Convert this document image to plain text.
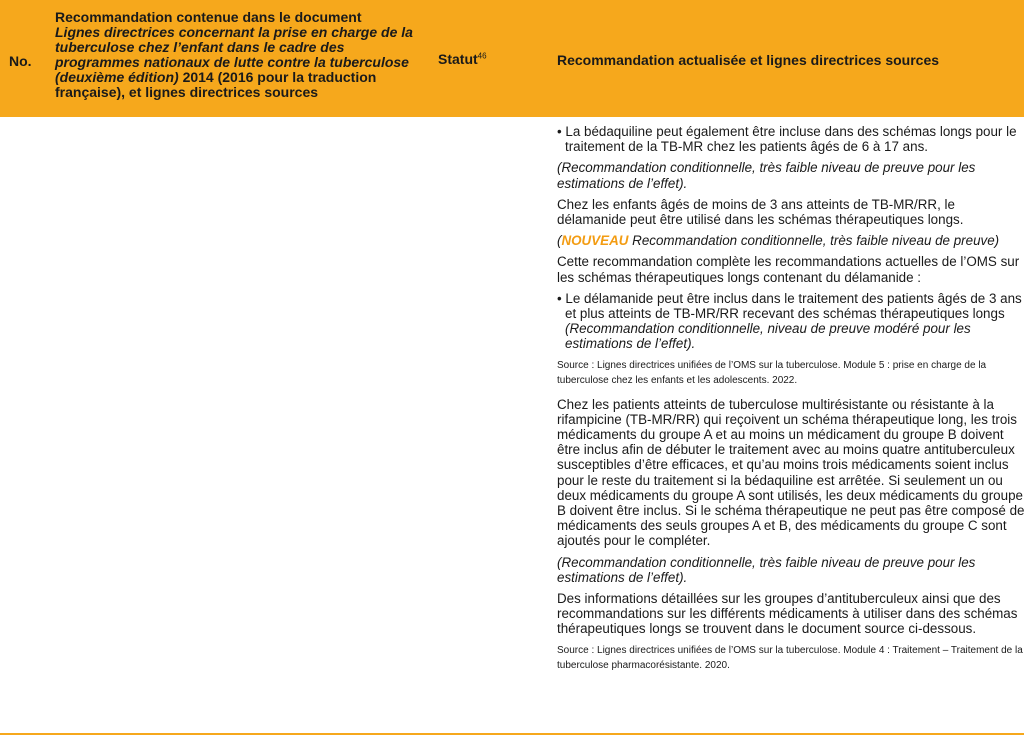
No.
Recommandation contenue dans le document
Lignes directrices concernant la prise en charge de la tuberculose chez l’enfant dans le cadre des programmes nationaux de lutte contre la tuberculose (deuxième édition) 2014 (2016 pour la traduction française), et lignes directrices sources
Statut$^{46}$	Recommandation actualisée et lignes directrices sources

• La bédaquiline peut également être incluse dans des schémas longs pour le traitement de la TB-MR chez les patients âgés de 6 à 17 ans.

(Recommandation conditionnelle, très faible niveau de preuve pour les estimations de l’effet).

Chez les enfants âgés de moins de 3 ans atteints de TB-MR/RR, le délamanide peut être utilisé dans les schémas thérapeutiques longs.

(NOUVEAU Recommandation conditionnelle, très faible niveau de preuve)

Cette recommandation complète les recommandations actuelles de l’OMS sur les schémas thérapeutiques longs contenant du délamanide :

• Le délamanide peut être inclus dans le traitement des patients âgés de 3 ans et plus atteints de TB-MR/RR recevant des schémas thérapeutiques longs (Recommandation conditionnelle, niveau de preuve modéré pour les estimations de l’effet).

Source : Lignes directrices unifiées de l’OMS sur la tuberculose. Module 5 : prise en charge de la tuberculose chez les enfants et les adolescents. 2022.

Chez les patients atteints de tuberculose multirésistante ou résistante à la rifampicine (TB-MR/RR) qui reçoivent un schéma thérapeutique long, les trois médicaments du groupe A et au moins un médicament du groupe B doivent être inclus afin de débuter le traitement avec au moins quatre antituberculeux susceptibles d’être efficaces, et qu’au moins trois médicaments soient inclus pour le reste du traitement si la bédaquiline est arrêtée. Si seulement un ou deux médicaments du groupe A sont utilisés, les deux médicaments du groupe B doivent être inclus. Si le schéma thérapeutique ne peut pas être composé de médicaments des seuls groupes A et B, des médicaments du groupe C sont ajoutés pour le compléter.

(Recommandation conditionnelle, très faible niveau de preuve pour les estimations de l’effet).

Des informations détaillées sur les groupes d’antituberculeux ainsi que des recommandations sur les différents médicaments à utiliser dans des schémas thérapeutiques longs se trouvent dans le document source ci-dessous.

Source : Lignes directrices unifiées de l’OMS sur la tuberculose. Module 4 : Traitement – Traitement de la tuberculose pharmacorésistante. 2020.
